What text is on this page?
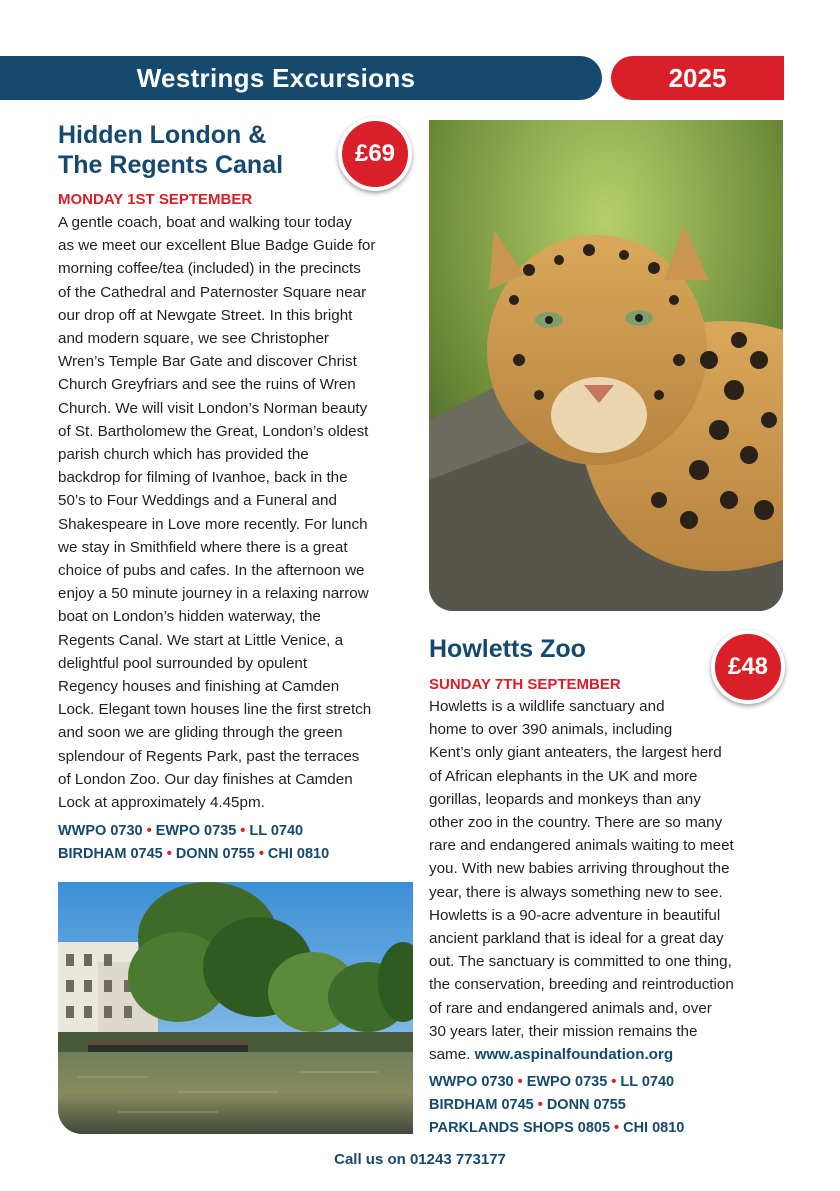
Westrings Excursions	2025
Hidden London &
The Regents Canal	£69
MONDAY 1ST SEPTEMBER
A gentle coach, boat and walking tour today
as we meet our excellent Blue Badge Guide for
morning coffee/tea (included) in the precincts
of the Cathedral and Paternoster Square near
our drop off at Newgate Street. In this bright
and modern square, we see Christopher
Wren’s Temple Bar Gate and discover Christ
Church Greyfriars and see the ruins of Wren
Church. We will visit London’s Norman beauty
of St. Bartholomew the Great, London’s oldest
parish church which has provided the
backdrop for filming of Ivanhoe, back in the
50’s to Four Weddings and a Funeral and
Shakespeare in Love more recently. For lunch
we stay in Smithfield where there is a great
choice of pubs and cafes. In the afternoon we
enjoy a 50 minute journey in a relaxing narrow
boat on London’s hidden waterway, the
Regents Canal. We start at Little Venice, a
delightful pool surrounded by opulent
Regency houses and finishing at Camden
Lock. Elegant town houses line the first stretch
and soon we are gliding through the green
splendour of Regents Park, past the terraces
of London Zoo. Our day finishes at Camden
Lock at approximately 4.45pm.
WWPO 0730 • EWPO 0735 • LL 0740
BIRDHAM 0745 • DONN 0755 • CHI 0810
Howletts Zoo
£48
SUNDAY 7TH SEPTEMBER
Howletts is a wildlife sanctuary and
home to over 390 animals, including
Kent’s only giant anteaters, the largest herd
of African elephants in the UK and more
gorillas, leopards and monkeys than any
other zoo in the country. There are so many
rare and endangered animals waiting to meet
you. With new babies arriving throughout the
year, there is always something new to see.
Howletts is a 90-acre adventure in beautiful
ancient parkland that is ideal for a great day
out. The sanctuary is committed to one thing,
the conservation, breeding and reintroduction
of rare and endangered animals and, over
30 years later, their mission remains the
same. www.aspinalfoundation.org
WWPO 0730 • EWPO 0735 • LL 0740
BIRDHAM 0745 • DONN 0755
PARKLANDS SHOPS 0805 • CHI 0810
Call us on 01243 773177
